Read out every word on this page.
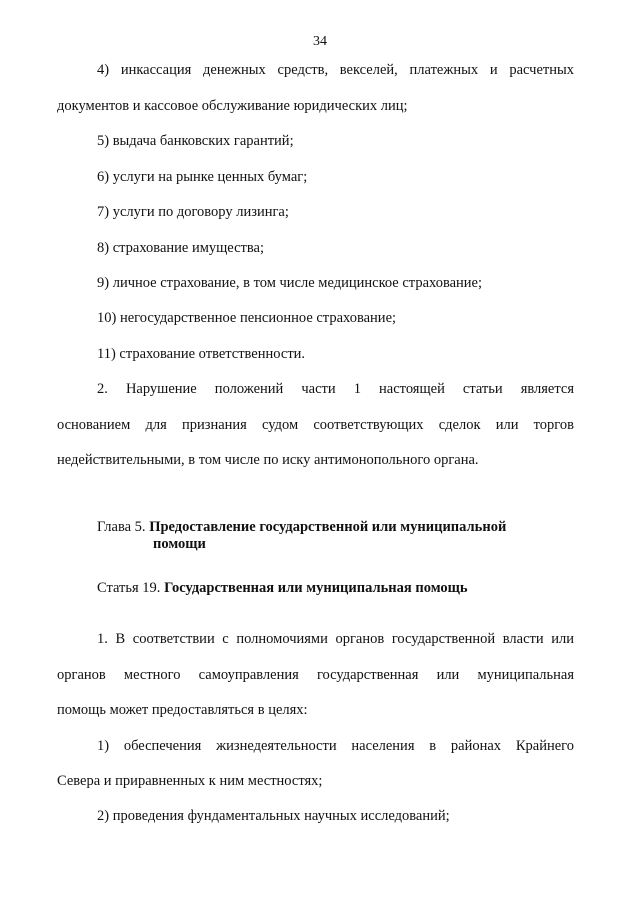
34
4) инкассация денежных средств, векселей, платежных и расчетных
документов и кассовое обслуживание юридических лиц;
5) выдача банковских гарантий;
6) услуги на рынке ценных бумаг;
7) услуги по договору лизинга;
8) страхование имущества;
9) личное страхование, в том числе медицинское страхование;
10) негосударственное пенсионное страхование;
11) страхование ответственности.
2. Нарушение положений части 1 настоящей статьи является
основанием для признания судом соответствующих сделок или торгов
недействительными, в том числе по иску антимонопольного органа.
Глава 5. Предоставление государственной или муниципальной
помощи
Статья 19. Государственная или муниципальная помощь
1. В соответствии с полномочиями органов государственной власти или
органов местного самоуправления государственная или муниципальная
помощь может предоставляться в целях:
1) обеспечения жизнедеятельности населения в районах Крайнего
Севера и приравненных к ним местностях;
2) проведения фундаментальных научных исследований;
